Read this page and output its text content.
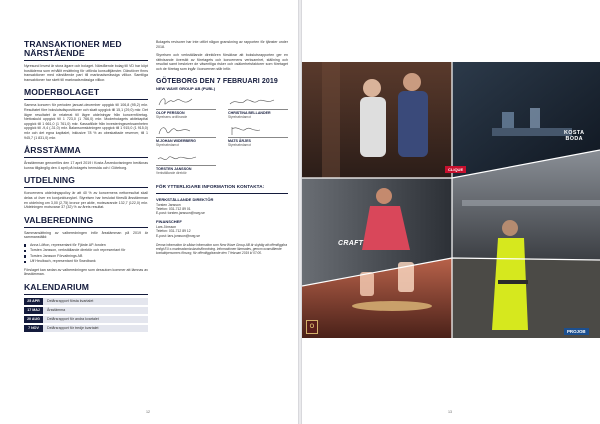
TRANSAKTIONER MED NÄRSTÅENDE

Nyresund Invest är stora ägare och bolaget. Närstående bolag till VD har köpt bostäderna som erhållit ersättning för utförda konsulttjänster. Därutöver finns transaktioner med närstående part till marknadsmässiga villkor. Samtliga transaktioner har skett till marknadsmässiga villkor.

MODERBOLAGET

Samma koncern för perioden januari-december uppgick till 106,8 (95,2) mkr. Resultatet före bokslutsdispositioner och skatt uppgick till 15,1 (29,0) mkr. Det lägre resultatet är relaterat till lägre utdelningar från koncernföretag. Nettoskuld uppgick till 1 723,0 (1 766,0) mkr. Moderbolagets aktiekapital uppgick till 1 661,0 (1 761,0) mkr. Kassaflöde från investeringsverksamheten uppgick till -9,4 (-31,0) mkr. Balansomslutningen uppgick till 1 915,0 (1 915,0) mkr och det egna kapitalet, inklusive 78 % av obeskattade reserver, till 1 945,7 (1 831,0) mkr.

ÅRSSTÄMMA

Årsstämman genomförs den 17 april 2019 i Kosta Årsredovisningen beräknas kunna tillgänglig den 4 april på bolagets hemsida och i Göteborg.

UTDELNING

Koncernens utdelningspolicy är att 40 % av koncernens nettoresultat skall delas ut över en konjunkturcykel. Styrelsen har beslutat föreslå årsstämman en utdelning om 3,00 (2,75) kronor per aktie, motsvarande 132,7 (122,0) mkr. Utdelningen motsvarar 37 (32) % av årets resultat.

VALBEREDNING

Sammansättning av valberedningen inför årsstämman på 2019 är sammanställd:

Anna Löfton, representant för Fjärde AP-fonden
Torsten Jansson, verkställande direktör och representant för
Torsten Jansson Förvaltnings AB
Ulf Heulbach, representant för Swedbank

Förslaget kan sedan av valberedningen som dessutom kommer att lämnas av årsstämman.

KALENDARIUM
25 APR	Delårsrapport första kvartalet
17 MAJ	Årsstämma
20 AUG	Delårsrapport för andra kvartalet
7 NOV	Delårsrapport för tredje kvartalet

Bolagets revisorer har inte utfört någon granskning av rapporten för tjänster under 2018.

Styrelsen och verkställande direktören försäkrar att bokslutsrapporten ger en rättvisande översikt av företagets och koncernens verksamhet, ställning och resultat samt beskriver de väsentliga risker och osäkerhetsfaktorer som företaget och de företag som ingår i koncernen står inför.

GÖTEBORG DEN 7 FEBRUARI 2019
NEW WAVE GROUP AB (PUBL)
OLOF PERSSON
Styrelsens ordförande
CHRISTINA BELLANDER
Styrelseledamot
M.JOHAN WIDERBERG
Styrelseledamot
MATS ÅRJES
Styrelseledamot
TORSTEN JANSSON
Verkställande direktör
FÖR YTTERLIGARE INFORMATION KONTAKTA:
VERKSTÄLLANDE DIREKTÖR
Torsten Jansson
Telefon: 031-712 89 01
E-post: torsten.jansson@nwg.se
FINANSCHEF
Lars Jönsson
Telefon: 031-712 89 12
E-post: lars.jonsson@nwg.se
Denna information är sådan information som New Wave Group AB är skyldig att offentliggöra enligt EU:s marknadsmissbruksförordning. Informationen lämnades, genom ovanstående kontaktpersoners försorg, för offentliggörande den 7 februari 2019 kl 07:00.
12
CLIQUE
KOSTA
BODA
CRAFT
O
PROJOB
13
